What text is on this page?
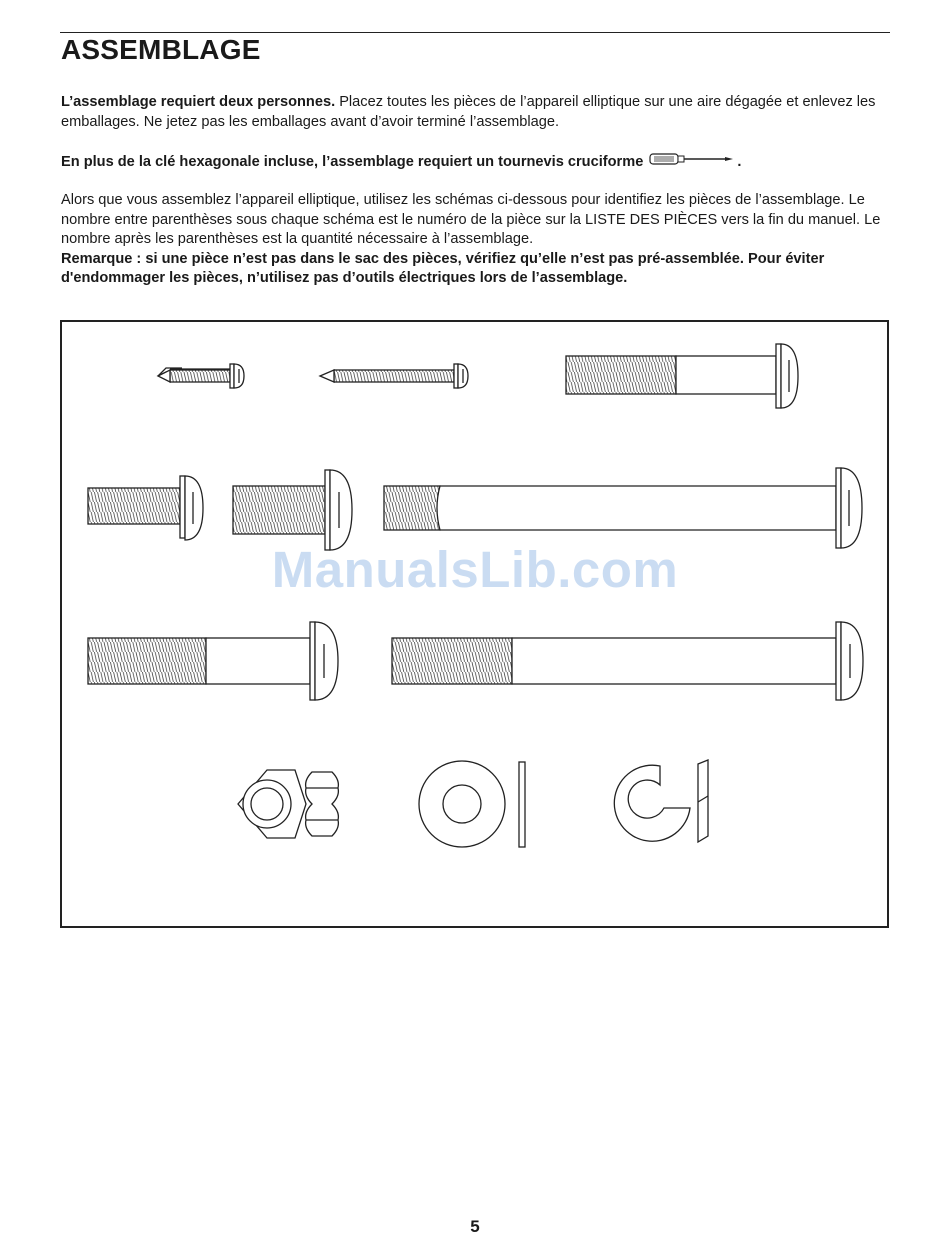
ASSEMBLAGE

L’assemblage requiert deux personnes. Placez toutes les pièces de l’appareil elliptique sur une aire dégagée et enlevez les emballages. Ne jetez pas les emballages avant d’avoir terminé l’assemblage.

En plus de la clé hexagonale incluse, l’assemblage requiert un tournevis cruciforme	.

Alors que vous assemblez l’appareil elliptique, utilisez les schémas ci-dessous pour identifiez les pièces de l’assemblage. Le nombre entre parenthèses sous chaque schéma est le numéro de la pièce sur la LISTE DES PIÈCES vers la fin du manuel. Le nombre après les parenthèses est la quantité nécessaire à l’assemblage.
Remarque : si une pièce n’est pas dans le sac des pièces, vérifiez qu’elle n’est pas pré-assemblée. Pour éviter d'endommager les pièces, n’utilisez pas d’outils électriques lors de l’assemblage.

ManualsLib.com
5
